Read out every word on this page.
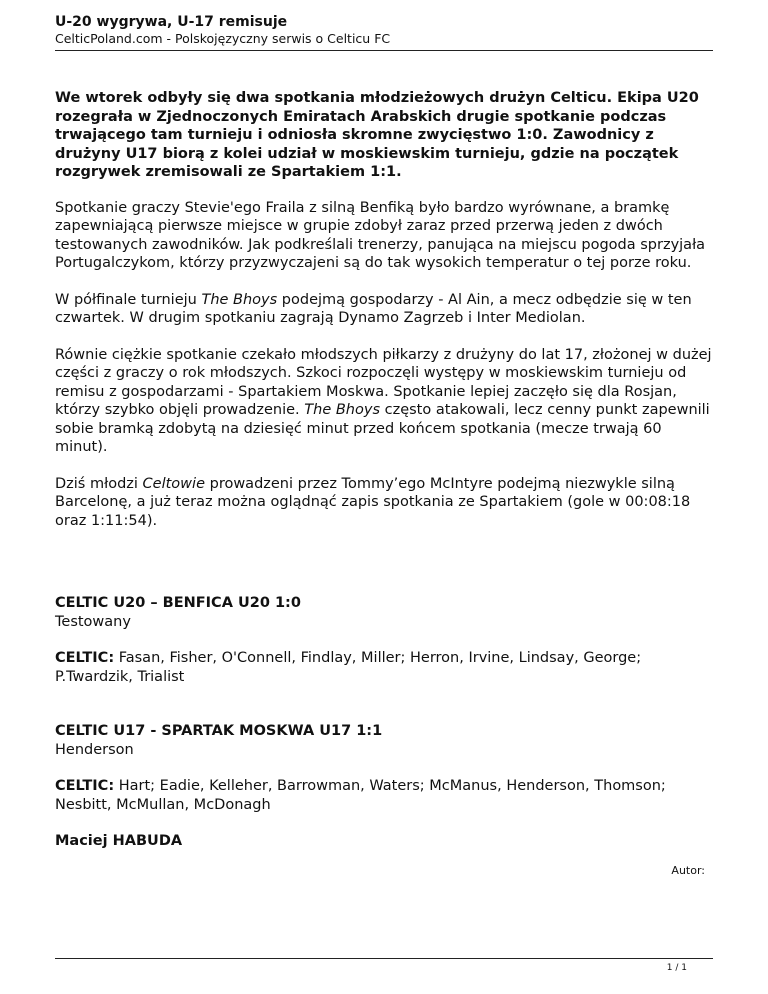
U-20 wygrywa, U-17 remisuje

CelticPoland.com - Polskojęzyczny serwis o Celticu FC

We wtorek odbyły się dwa spotkania młodzieżowych drużyn Celticu. Ekipa U20 rozegrała w Zjednoczonych Emiratach Arabskich drugie spotkanie podczas trwającego tam turnieju i odniosła skromne zwycięstwo 1:0. Zawodnicy z drużyny U17 biorą z kolei udział w moskiewskim turnieju, gdzie na początek rozgrywek zremisowali ze Spartakiem 1:1.

Spotkanie graczy Stevie'ego Fraila z silną Benfiką było bardzo wyrównane, a bramkę zapewniającą pierwsze miejsce w grupie zdobył zaraz przed przerwą jeden z dwóch testowanych zawodników. Jak podkreślali trenerzy, panująca na miejscu pogoda sprzyjała Portugalczykom, którzy przyzwyczajeni są do tak wysokich temperatur o tej porze roku.

W półfinale turnieju The Bhoys podejmą gospodarzy - Al Ain, a mecz odbędzie się w ten czwartek. W drugim spotkaniu zagrają Dynamo Zagrzeb i Inter Mediolan.

Równie ciężkie spotkanie czekało młodszych piłkarzy z drużyny do lat 17, złożonej w dużej części z graczy o rok młodszych. Szkoci rozpoczęli występy w moskiewskim turnieju od remisu z gospodarzami - Spartakiem Moskwa. Spotkanie lepiej zaczęło się dla Rosjan, którzy szybko objęli prowadzenie. The Bhoys często atakowali, lecz cenny punkt zapewnili sobie bramką zdobytą na dziesięć minut przed końcem spotkania (mecze trwają 60 minut).

Dziś młodzi Celtowie prowadzeni przez Tommy’ego McIntyre podejmą niezwykle silną Barcelonę, a już teraz można oglądnąć zapis spotkania ze Spartakiem (gole w 00:08:18 oraz 1:11:54).

CELTIC U20 – BENFICA U20 1:0

Testowany

CELTIC: Fasan, Fisher, O'Connell, Findlay, Miller; Herron, Irvine, Lindsay, George; P.Twardzik, Trialist

CELTIC U17 - SPARTAK MOSKWA U17 1:1

Henderson

CELTIC: Hart; Eadie, Kelleher, Barrowman, Waters; McManus, Henderson, Thomson; Nesbitt, McMullan, McDonagh

Maciej HABUDA

Autor:
1 / 1
